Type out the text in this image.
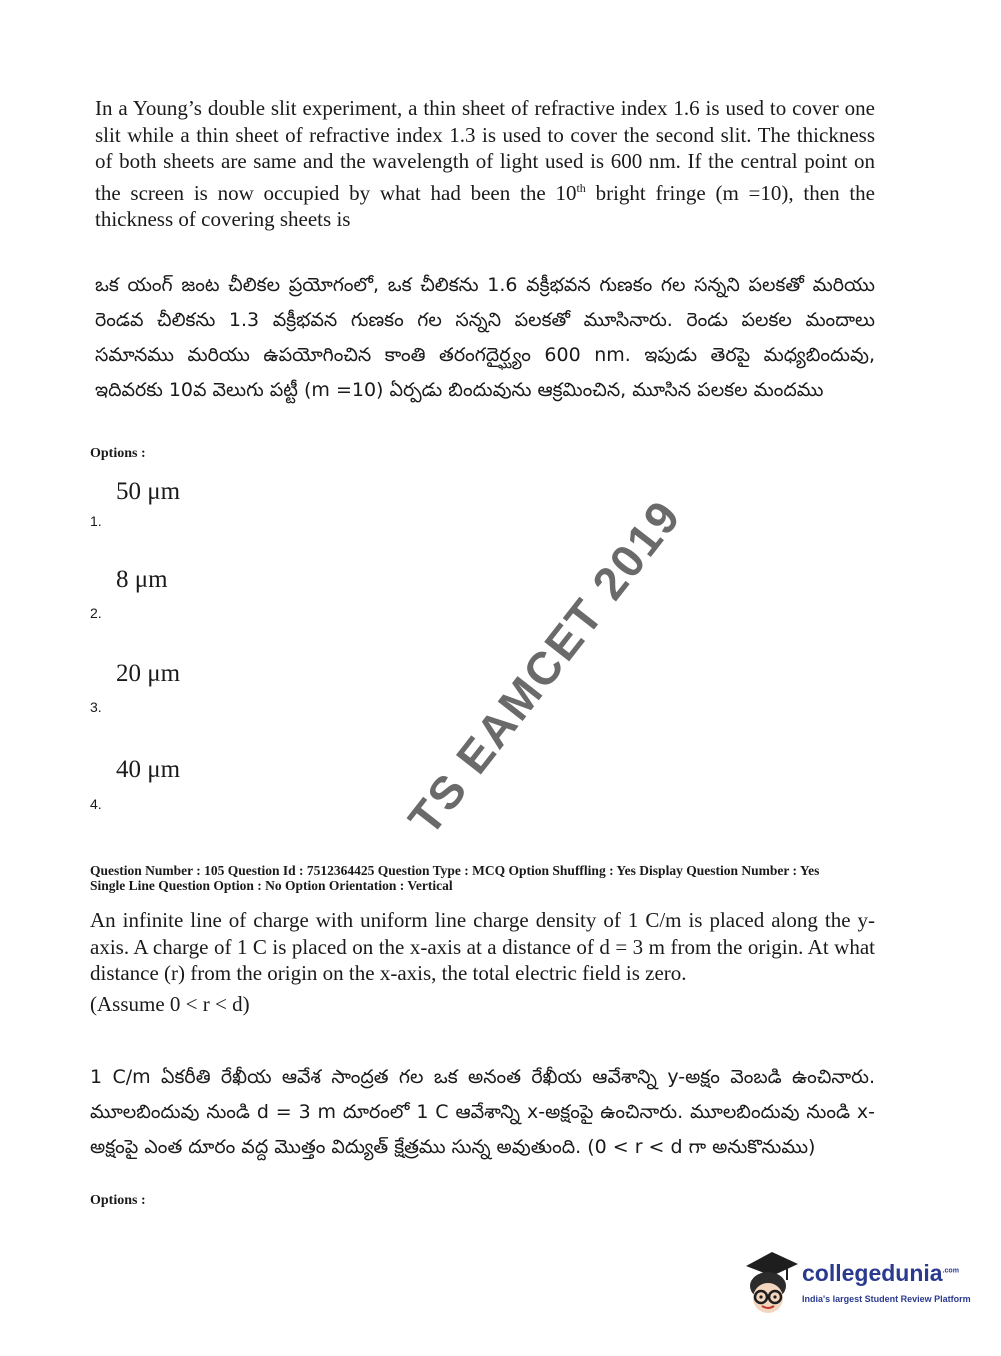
In a Young’s double slit experiment, a thin sheet of refractive index 1.6 is used to cover one slit while a thin sheet of refractive index 1.3 is used to cover the second slit. The thickness of both sheets are same and the wavelength of light used is 600 nm. If the central point on the screen is now occupied by what had been the 10th bright fringe (m =10), then the thickness of covering sheets is
ఒక యంగ్ జంట చీలికల ప్రయోగంలో, ఒక చీలికను 1.6 వక్రీభవన గుణకం గల సన్నని పలకతో మరియు రెండవ చీలికను 1.3 వక్రీభవన గుణకం గల సన్నని పలకతో మూసినారు. రెండు పలకల మందాలు సమానము మరియు ఉపయోగించిన కాంతి తరంగదైర్ఘ్యం 600 nm. ఇపుడు తెరపై మధ్యబిందువు, ఇదివరకు 10వ వెలుగు పట్టీ (m =10) ఏర్పడు బిందువును ఆక్రమించిన, మూసిన పలకల మందము
Options :
50 μm
1.
8 μm
2.
20 μm
3.
40 μm
4.	TS EAMCET 2019
Question Number : 105 Question Id : 7512364425 Question Type : MCQ Option Shuffling : Yes Display Question Number : Yes
Single Line Question Option : No Option Orientation : Vertical
An infinite line of charge with uniform line charge density of 1 C/m is placed along the y-axis. A charge of 1 C is placed on the x-axis at a distance of d = 3 m from the origin. At what distance (r) from the origin on the x-axis, the total electric field is zero.
(Assume 0 < r < d)
1 C/m ఏకరీతి రేఖీయ ఆవేశ సాంద్రత గల ఒక అనంత రేఖీయ ఆవేశాన్ని y-అక్షం వెంబడి ఉంచినారు. మూలబిందువు నుండి d = 3 m దూరంలో 1 C ఆవేశాన్ని x-అక్షంపై ఉంచినారు. మూలబిందువు నుండి x-అక్షంపై ఎంత దూరం వద్ద మొత్తం విద్యుత్ క్షేత్రము సున్న అవుతుంది. (0 < r < d గా అనుకొనుము)
Options :
collegedunia$^{.com}$
India's largest Student Review Platform
